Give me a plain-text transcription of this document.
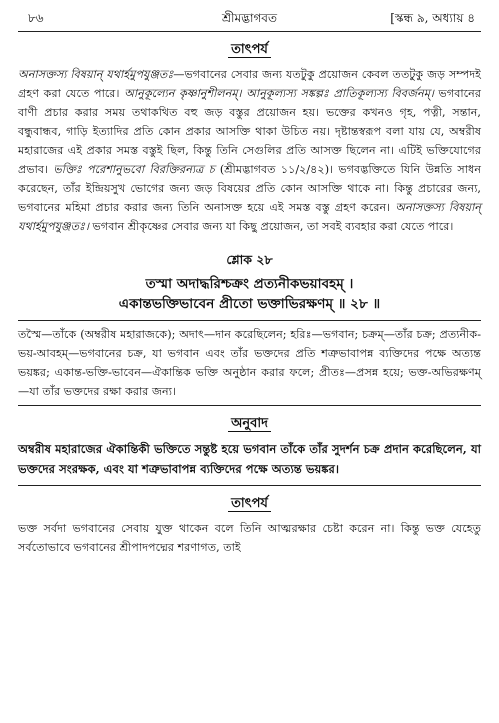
৮৬	শ্রীমদ্ভাগবত	[স্কন্ধ ৯, অধ্যায় ৪
তাৎপর্য

অনাসক্তস্য বিষয়ান্‌ যথার্হমুপযুঞ্জতঃ—ভগবানের সেবার জন্য যতটুকু প্রয়োজন কেবল ততটুকু জড় সম্পদই গ্রহণ করা যেতে পারে। আনুকূল্যেন কৃষ্ণানুশীলনম্‌। আনুকূল্যস্য সঙ্কল্পঃ প্রাতিকূল্যস্য বিবর্জনম্‌। ভগবানের বাণী প্রচার করার সময় তথাকথিত বহু জড় বস্তুর প্রয়োজন হয়। ভক্তের কখনও গৃহ, পত্নী, সন্তান, বন্ধুবান্ধব, গাড়ি ইত্যাদির প্রতি কোন প্রকার আসক্তি থাকা উচিত নয়। দৃষ্টান্তস্বরূপ বলা যায় যে, অম্বরীষ মহারাজের এই প্রকার সমস্ত বস্তুই ছিল, কিন্তু তিনি সেগুলির প্রতি আসক্ত ছিলেন না। এটিই ভক্তিযোগের প্রভাব। ভক্তিঃ পরেশানুভবো বিরক্তিরন্যত্র চ (শ্রীমদ্ভাগবত ১১/২/৪২)। ভগবদ্ভক্তিতে যিনি উন্নতি সাধন করেছেন, তাঁর ইন্দ্রিয়সুখ ভোগের জন্য জড় বিষয়ের প্রতি কোন আসক্তি থাকে না। কিন্তু প্রচারের জন্য, ভগবানের মহিমা প্রচার করার জন্য তিনি অনাসক্ত হয়ে এই সমস্ত বস্তু গ্রহণ করেন। অনাসক্তস্য বিষয়ান্‌ যথার্হমুপযুঞ্জতঃ। ভগবান শ্রীকৃষ্ণের সেবার জন্য যা কিছু প্রয়োজন, তা সবই ব্যবহার করা যেতে পারে।

শ্লোক ২৮
তস্মা অদাদ্ধরিশ্চক্রং প্রত্যনীকভয়াবহম্‌ ।
একান্তভক্তিভাবেন প্রীতো ভক্তাভিরক্ষণম্‌ ॥ ২৮ ॥

তস্মৈ—তাঁকে (অম্বরীষ মহারাজকে); অদাৎ—দান করেছিলেন; হরিঃ—ভগবান; চক্রম্‌—তাঁর চক্র; প্রত্যনীক-ভয়-আবহম্‌—ভগবানের চক্র, যা ভগবান এবং তাঁর ভক্তদের প্রতি শত্রুভাবাপন্ন ব্যক্তিদের পক্ষে অত্যন্ত ভয়ঙ্কর; একান্ত-ভক্তি-ভাবেন—ঐকান্তিক ভক্তি অনুষ্ঠান করার ফলে; প্রীতঃ—প্রসন্ন হয়ে; ভক্ত-অভিরক্ষণম্‌—যা তাঁর ভক্তদের রক্ষা করার জন্য।

অনুবাদ

অম্বরীষ মহারাজের ঐকান্তিকী ভক্তিতে সন্তুষ্ট হয়ে ভগবান তাঁকে তাঁর সুদর্শন চক্র প্রদান করেছিলেন, যা ভক্তদের সংরক্ষক, এবং যা শত্রুভাবাপন্ন ব্যক্তিদের পক্ষে অত্যন্ত ভয়ঙ্কর।

তাৎপর্য

ভক্ত সর্বদা ভগবানের সেবায় যুক্ত থাকেন বলে তিনি আত্মরক্ষার চেষ্টা করেন না। কিন্তু ভক্ত যেহেতু সর্বতোভাবে ভগবানের শ্রীপাদপদ্মের শরণাগত, তাই
